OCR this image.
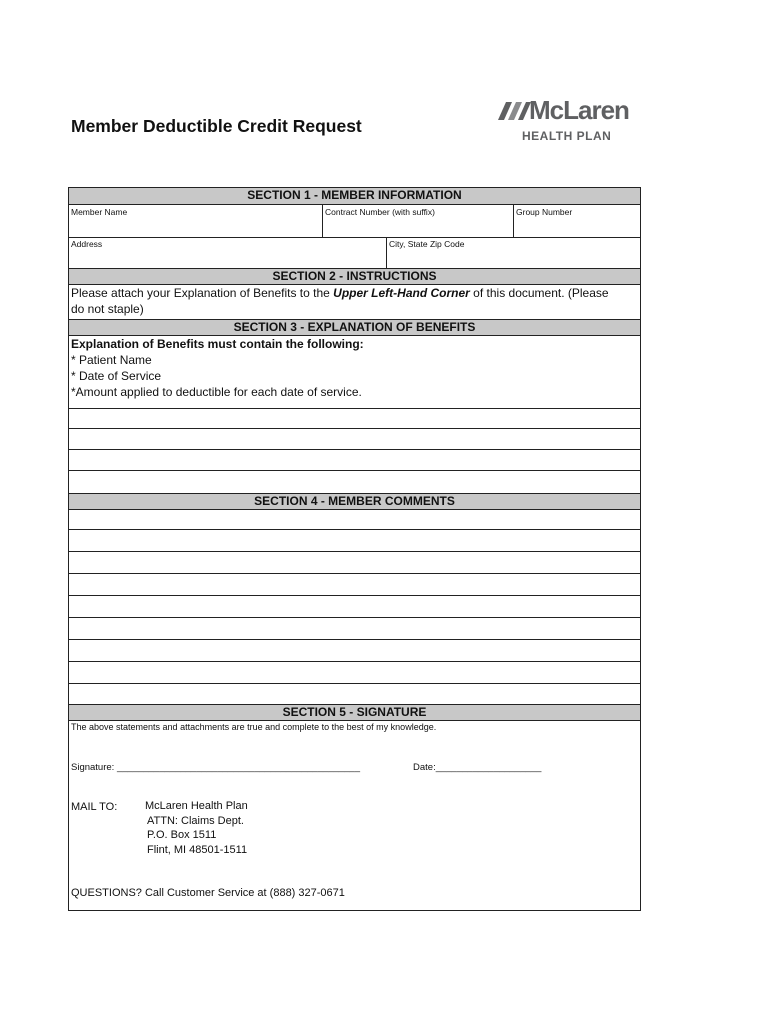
Member Deductible Credit Request
McLaren
HEALTH PLAN
SECTION 1 - MEMBER INFORMATION
Member Name	Contract Number (with suffix)	Group Number
Address	City, State Zip Code
SECTION 2 - INSTRUCTIONS
Please attach your Explanation of Benefits to the Upper Left-Hand Corner of this document. (Please
do not staple)
SECTION 3 - EXPLANATION OF BENEFITS
Explanation of Benefits must contain the following:
* Patient Name
* Date of Service
*Amount applied to deductible for each date of service.
SECTION 4 - MEMBER COMMENTS
SECTION 5 - SIGNATURE
The above statements and attachments are true and complete to the best of my knowledge.
Signature: ______________________________________________	Date:____________________
MAIL TO:	McLaren Health Plan
ATTN: Claims Dept.
P.O. Box 1511
Flint, MI 48501-1511
QUESTIONS? Call Customer Service at (888) 327-0671
